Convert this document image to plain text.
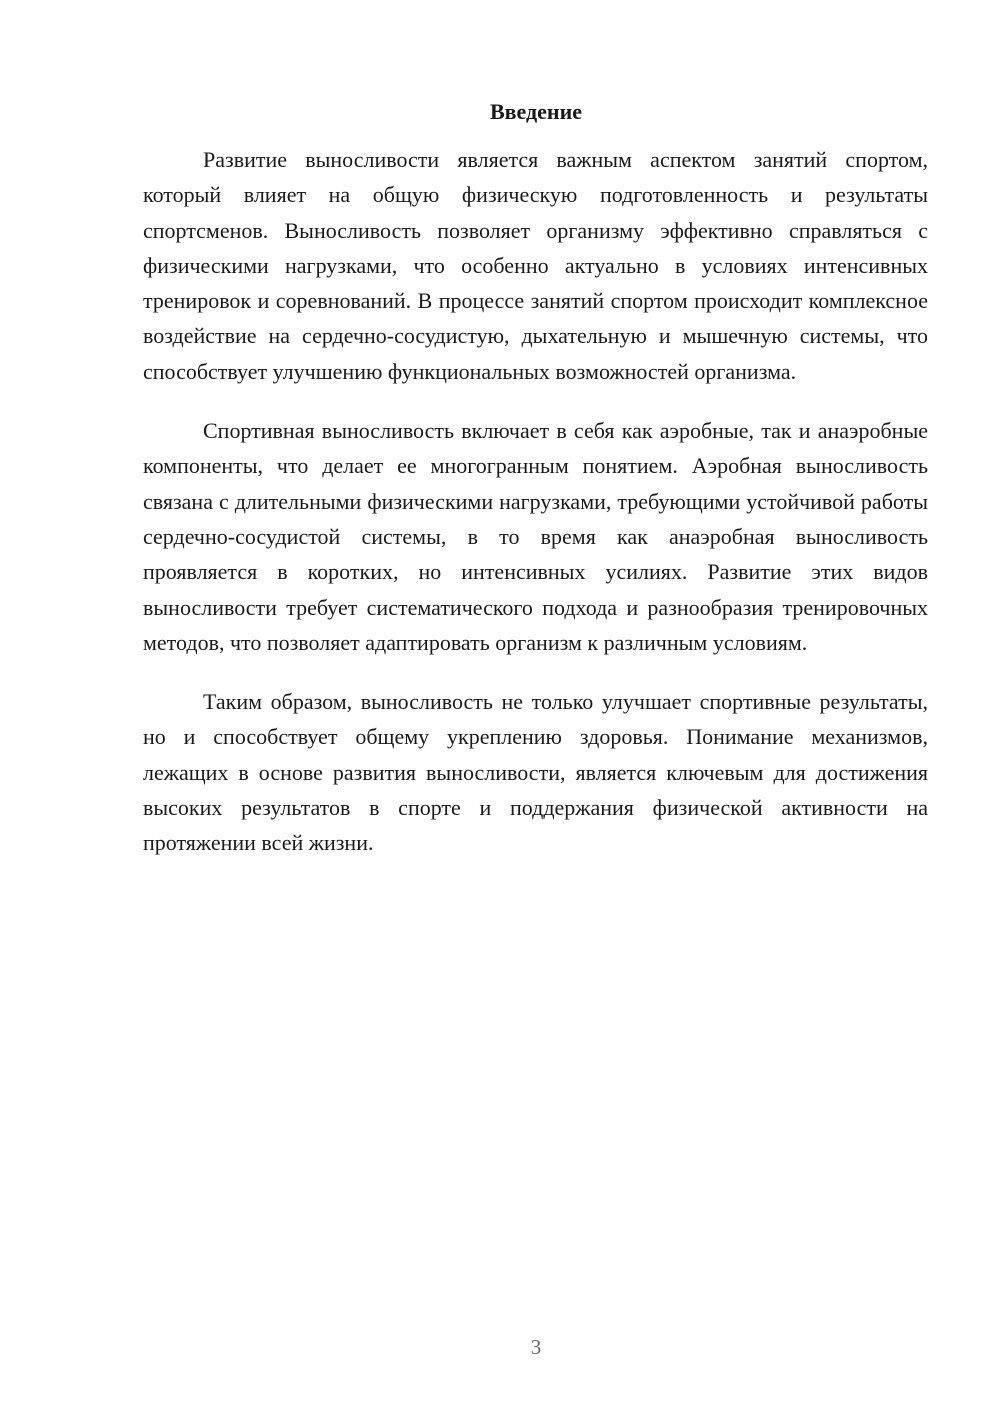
Введение

Развитие выносливости является важным аспектом занятий спортом, который влияет на общую физическую подготовленность и результаты спортсменов. Выносливость позволяет организму эффективно справляться с физическими нагрузками, что особенно актуально в условиях интенсивных тренировок и соревнований. В процессе занятий спортом происходит комплексное воздействие на сердечно-сосудистую, дыхательную и мышечную системы, что способствует улучшению функциональных возможностей организма.

Спортивная выносливость включает в себя как аэробные, так и анаэробные компоненты, что делает ее многогранным понятием. Аэробная выносливость связана с длительными физическими нагрузками, требующими устойчивой работы сердечно-сосудистой системы, в то время как анаэробная выносливость проявляется в коротких, но интенсивных усилиях. Развитие этих видов выносливости требует систематического подхода и разнообразия тренировочных методов, что позволяет адаптировать организм к различным условиям.

Таким образом, выносливость не только улучшает спортивные результаты, но и способствует общему укреплению здоровья. Понимание механизмов, лежащих в основе развития выносливости, является ключевым для достижения высоких результатов в спорте и поддержания физической активности на протяжении всей жизни.

3
